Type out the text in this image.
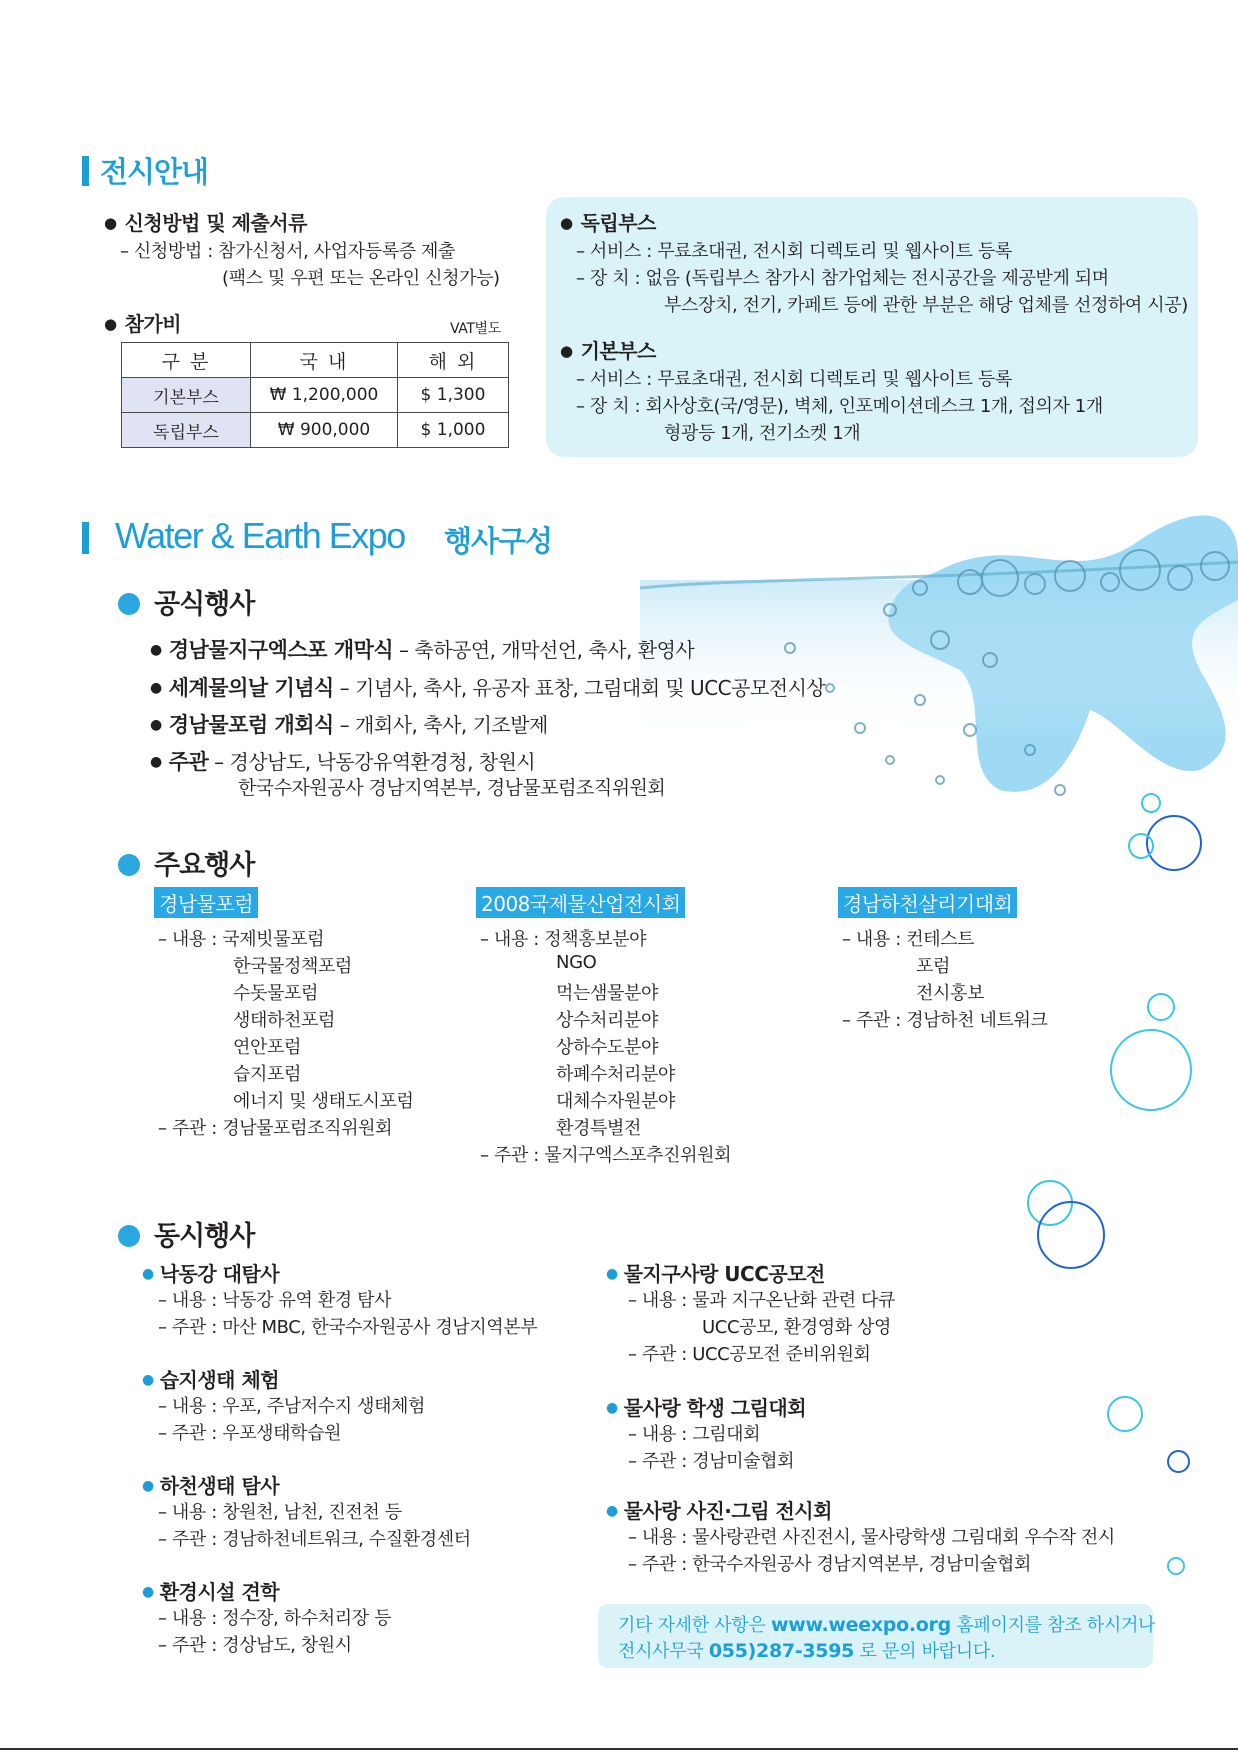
전시안내
● 신청방법 및 제출서류
– 신청방법 : 참가신청서, 사업자등록증 제출
(팩스 및 우편 또는 온라인 신청가능)
● 참가비	VAT별도
구 분	국 내	해 외
기본부스	₩ 1,200,000	$ 1,300
독립부스	₩ 900,000	$ 1,000
● 독립부스
– 서비스 : 무료초대권, 전시회 디렉토리 및 웹사이트 등록
– 장 치 : 없음 (독립부스 참가시 참가업체는 전시공간을 제공받게 되며
부스장치, 전기, 카페트 등에 관한 부분은 해당 업체를 선정하여 시공)
● 기본부스
– 서비스 : 무료초대권, 전시회 디렉토리 및 웹사이트 등록
– 장 치 : 회사상호(국/영문), 벽체, 인포메이션데스크 1개, 접의자 1개
형광등 1개, 전기소켓 1개
Water & Earth Expo 행사구성
공식행사
● 경남물지구엑스포 개막식 – 축하공연, 개막선언, 축사, 환영사
● 세계물의날 기념식 – 기념사, 축사, 유공자 표창, 그림대회 및 UCC공모전시상
● 경남물포럼 개회식 – 개회사, 축사, 기조발제
● 주관 – 경상남도, 낙동강유역환경청, 창원시
한국수자원공사 경남지역본부, 경남물포럼조직위원회
주요행사
경남물포럼
– 내용 : 국제빗물포럼
한국물정책포럼
수돗물포럼
생태하천포럼
연안포럼
습지포럼
에너지 및 생태도시포럼
– 주관 : 경남물포럼조직위원회
2008국제물산업전시회
– 내용 : 정책홍보분야
NGO
먹는샘물분야
상수처리분야
상하수도분야
하폐수처리분야
대체수자원분야
환경특별전
– 주관 : 물지구엑스포추진위원회
경남하천살리기대회
– 내용 : 컨테스트
포럼
전시홍보
– 주관 : 경남하천 네트워크
동시행사
● 낙동강 대탐사
– 내용 : 낙동강 유역 환경 탐사
– 주관 : 마산 MBC, 한국수자원공사 경남지역본부
● 습지생태 체험
– 내용 : 우포, 주남저수지 생태체험
– 주관 : 우포생태학습원
● 하천생태 탐사
– 내용 : 창원천, 남천, 진전천 등
– 주관 : 경남하천네트워크, 수질환경센터
● 환경시설 견학
– 내용 : 정수장, 하수처리장 등
– 주관 : 경상남도, 창원시
● 물지구사랑 UCC공모전
– 내용 : 물과 지구온난화 관련 다큐
UCC공모, 환경영화 상영
– 주관 : UCC공모전 준비위원회
● 물사랑 학생 그림대회
– 내용 : 그림대회
– 주관 : 경남미술협회
● 물사랑 사진·그림 전시회
– 내용 : 물사랑관련 사진전시, 물사랑학생 그림대회 우수작 전시
– 주관 : 한국수자원공사 경남지역본부, 경남미술협회
기타 자세한 사항은 www.weexpo.org 홈페이지를 참조 하시거나
전시사무국 055)287-3595 로 문의 바랍니다.
